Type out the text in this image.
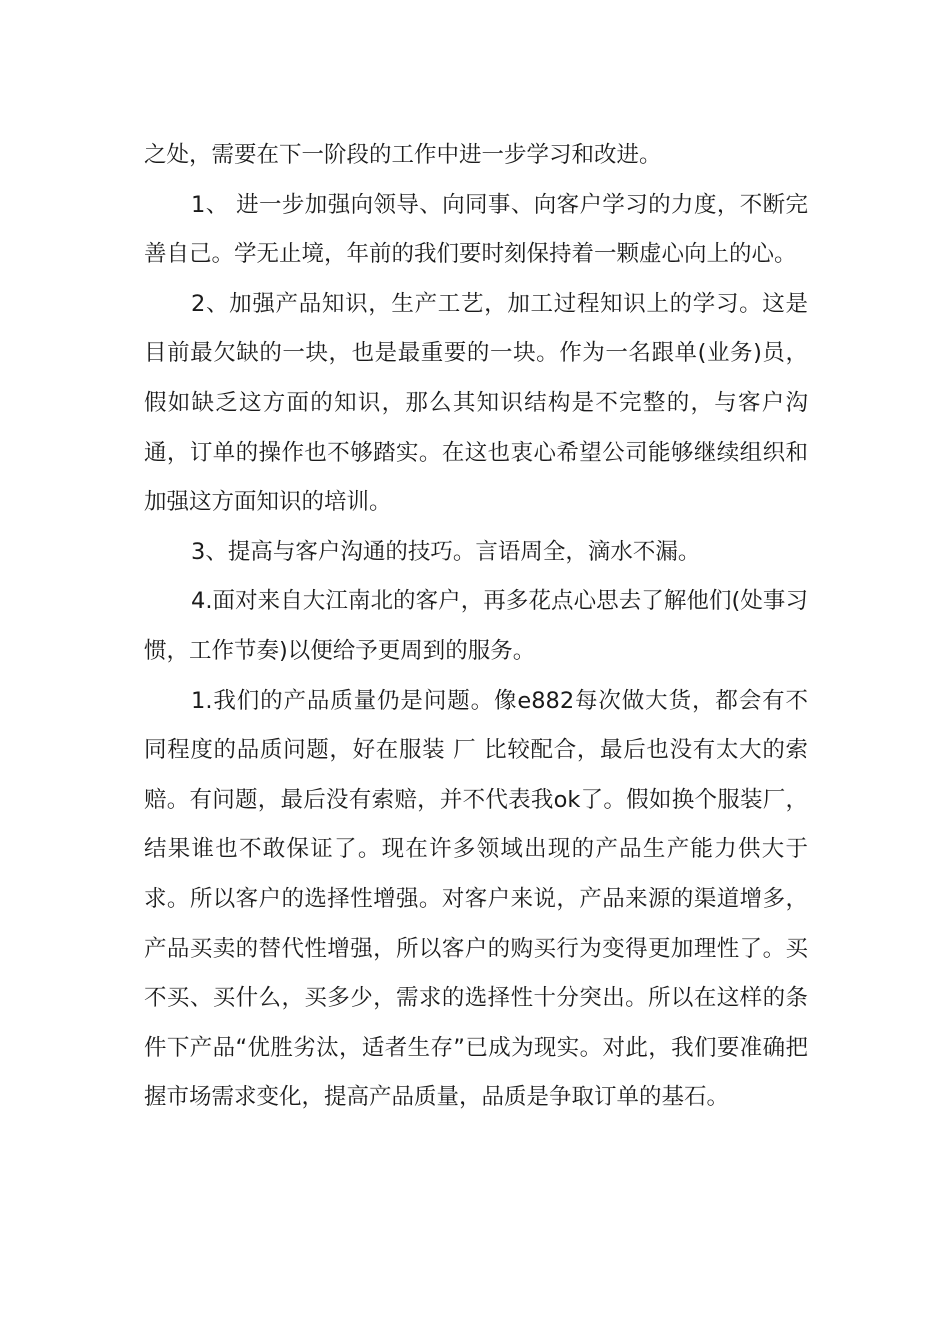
之处，需要在下一阶段的工作中进一步学习和改进。

1、 进一步加强向领导、向同事、向客户学习的力度，不断完善自己。学无止境，年前的我们要时刻保持着一颗虚心向上的心。

2、加强产品知识，生产工艺，加工过程知识上的学习。这是目前最欠缺的一块，也是最重要的一块。作为一名跟单(业务)员，假如缺乏这方面的知识，那么其知识结构是不完整的，与客户沟通，订单的操作也不够踏实。在这也衷心希望公司能够继续组织和加强这方面知识的培训。

3、提高与客户沟通的技巧。言语周全，滴水不漏。

4.面对来自大江南北的客户，再多花点心思去了解他们(处事习惯，工作节奏)以便给予更周到的服务。

1.我们的产品质量仍是问题。像e882每次做大货，都会有不同程度的品质问题，好在服装 厂 比较配合，最后也没有太大的索赔。有问题，最后没有索赔，并不代表我ok了。假如换个服装厂，结果谁也不敢保证了。现在许多领域出现的产品生产能力供大于求。所以客户的选择性增强。对客户来说，产品来源的渠道增多，产品买卖的替代性增强，所以客户的购买行为变得更加理性了。买不买、买什么，买多少，需求的选择性十分突出。所以在这样的条件下产品“优胜劣汰，适者生存”已成为现实。对此，我们要准确把握市场需求变化，提高产品质量，品质是争取订单的基石。
